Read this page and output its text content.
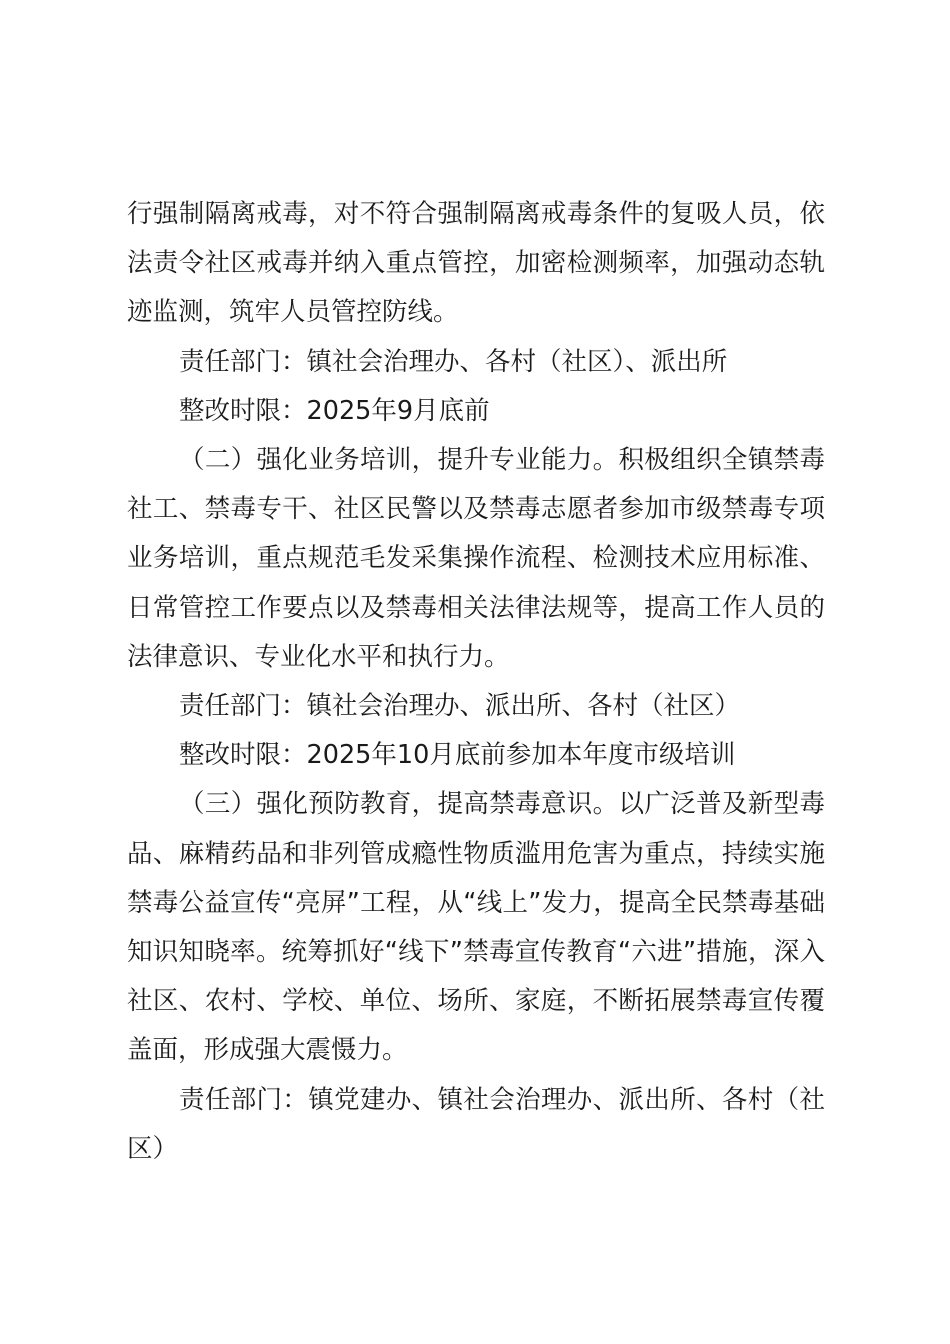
行强制隔离戒毒，对不符合强制隔离戒毒条件的复吸人员，依法责令社区戒毒并纳入重点管控，加密检测频率，加强动态轨迹监测，筑牢人员管控防线。

责任部门：镇社会治理办、各村（社区）、派出所

整改时限：2025年9月底前

（二）强化业务培训，提升专业能力。积极组织全镇禁毒社工、禁毒专干、社区民警以及禁毒志愿者参加市级禁毒专项业务培训，重点规范毛发采集操作流程、检测技术应用标准、日常管控工作要点以及禁毒相关法律法规等，提高工作人员的法律意识、专业化水平和执行力。

责任部门：镇社会治理办、派出所、各村（社区）

整改时限：2025年10月底前参加本年度市级培训

（三）强化预防教育，提高禁毒意识。以广泛普及新型毒品、麻精药品和非列管成瘾性物质滥用危害为重点，持续实施禁毒公益宣传“亮屏”工程，从“线上”发力，提高全民禁毒基础知识知晓率。统筹抓好“线下”禁毒宣传教育“六进”措施，深入社区、农村、学校、单位、场所、家庭，不断拓展禁毒宣传覆盖面，形成强大震慑力。

责任部门：镇党建办、镇社会治理办、派出所、各村（社区）
